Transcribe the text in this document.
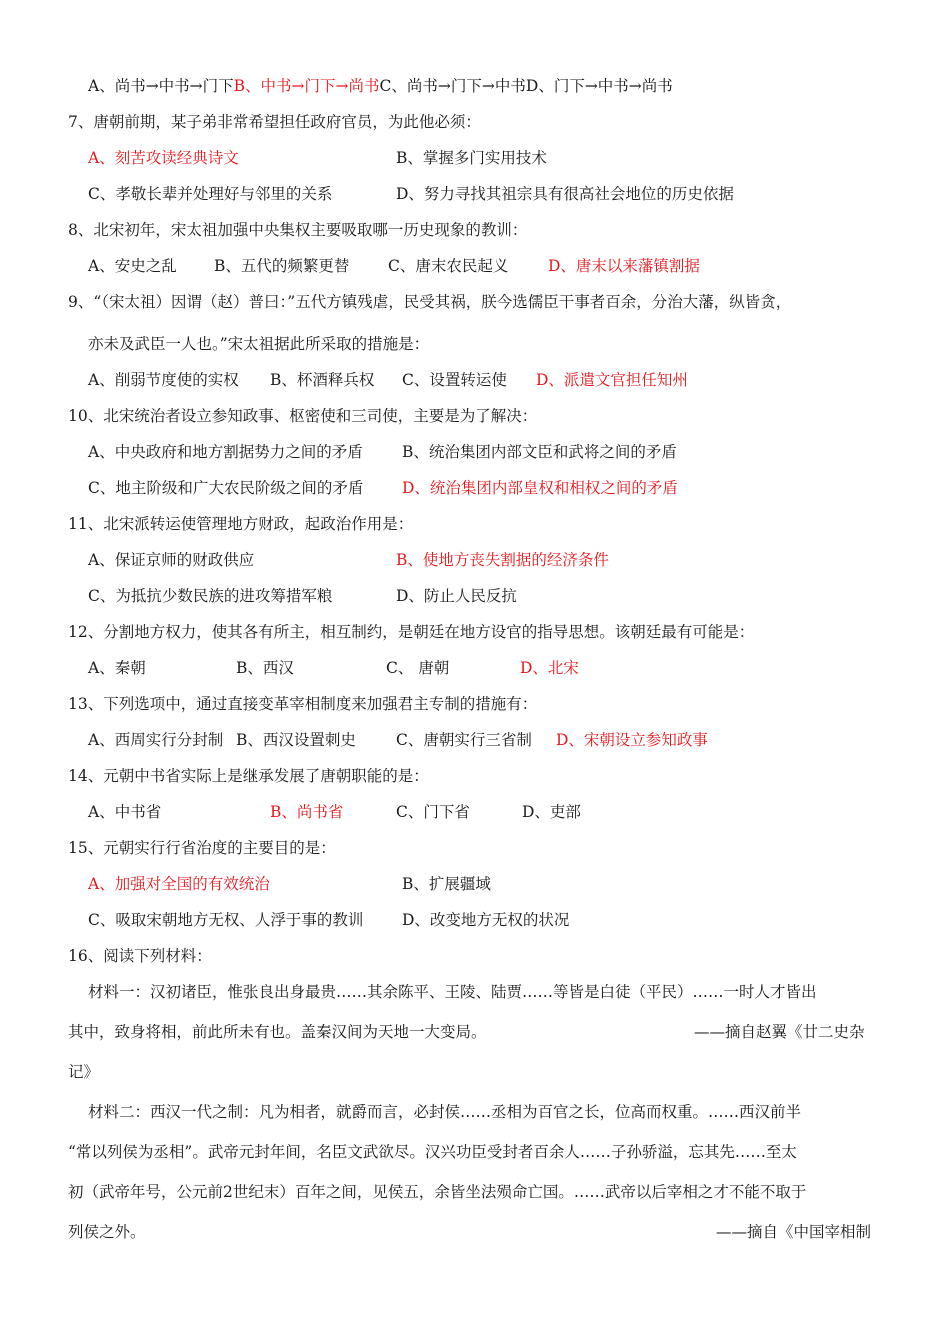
A、尚书→中书→门下B、中书→门下→尚书C、尚书→门下→中书D、门下→中书→尚书
7、唐朝前期，某子弟非常希望担任政府官员，为此他必须：
A、刻苦攻读经典诗文	B、掌握多门实用技术
C、孝敬长辈并处理好与邻里的关系	D、努力寻找其祖宗具有很高社会地位的历史依据
8、北宋初年，宋太祖加强中央集权主要吸取哪一历史现象的教训：
A、安史之乱 B、五代的频繁更替 C、唐末农民起义	D、唐末以来藩镇割据
9、“（宋太祖）因谓（赵）普曰：”五代方镇残虐，民受其祸，朕今选儒臣干事者百余，分治大藩，纵皆贪，
亦未及武臣一人也。”宋太祖据此所采取的措施是：
A、削弱节度使的实权 B、杯酒释兵权 C、设置转运使 D、派遣文官担任知州
10、北宋统治者设立参知政事、枢密使和三司使，主要是为了解决：
A、中央政府和地方割据势力之间的矛盾	B、统治集团内部文臣和武将之间的矛盾
C、地主阶级和广大农民阶级之间的矛盾 D、统治集团内部皇权和相权之间的矛盾
11、北宋派转运使管理地方财政，起政治作用是：
A、保证京师的财政供应	B、使地方丧失割据的经济条件
C、为抵抗少数民族的进攻筹措军粮	D、防止人民反抗
12、分割地方权力，使其各有所主，相互制约，是朝廷在地方设官的指导思想。该朝廷最有可能是：
A、秦朝	B、西汉	C、 唐朝	D、北宋
13、下列选项中，通过直接变革宰相制度来加强君主专制的措施有：
A、西周实行分封制 B、西汉设置刺史	C、唐朝实行三省制 D、宋朝设立参知政事
14、元朝中书省实际上是继承发展了唐朝职能的是：
A、中书省	B、尚书省	C、门下省	D、吏部
15、元朝实行行省治度的主要目的是：
A、加强对全国的有效统治	B、扩展疆域
C、吸取宋朝地方无权、人浮于事的教训 D、改变地方无权的状况
16、阅读下列材料：
材料一：汉初诸臣，惟张良出身最贵……其余陈平、王陵、陆贾……等皆是白徒（平民）……一时人才皆出
其中，致身将相，前此所未有也。盖秦汉间为天地一大变局。	——摘自赵翼《廿二史杂
记》
材料二：西汉一代之制：凡为相者，就爵而言，必封侯……丞相为百官之长，位高而权重。……西汉前半
“常以列侯为丞相”。武帝元封年间，名臣文武欲尽。汉兴功臣受封者百余人……子孙骄溢，忘其先……至太
初（武帝年号，公元前2世纪末）百年之间，见侯五，余皆坐法殒命亡国。……武帝以后宰相之才不能不取于
列侯之外。	——摘自《中国宰相制
